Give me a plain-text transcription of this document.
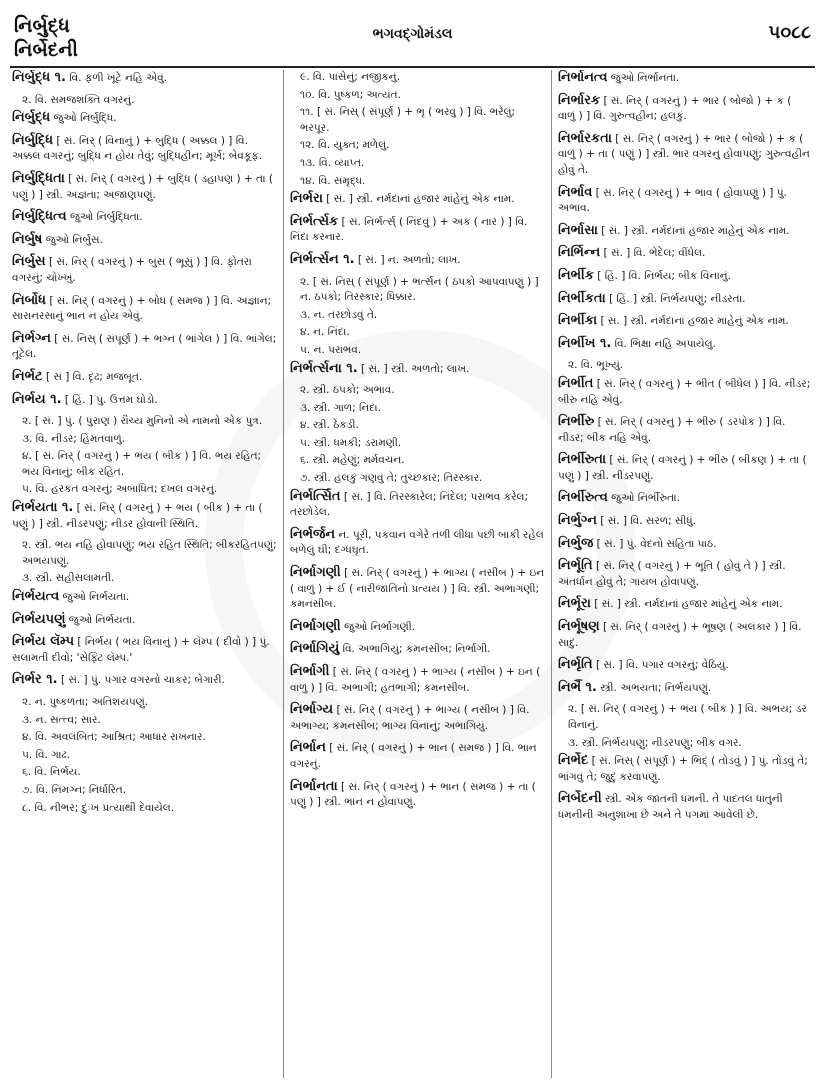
નિર્બુદ્ધ
નિર્બેદની
ભગવદ્ગોમંડલ	૫૦૮૮
નિર્બુદ્ધ ૧. વિ. ફળી ખૂટે નહિ એવું.
૨. વિ. સમજશક્તિ વગરનું.
નિર્બુદ્ધ જુઓ નિર્બુદ્ધિ.
નિર્બુદ્ધિ [ સં. નિર્ ( વિનાનું ) + બુદ્ધિ ( અક્કલ ) ] વિ. અક્કલ વગરનું; બુદ્ધિ ન હોય તેવું; બુદ્ધિહીન; મૂર્ખ; બેવકૂફ.
નિર્બુદ્ધિતા [ સં. નિર્ ( વગરનું ) + બુદ્ધિ ( ડહાપણ ) + તા ( પણું ) ] સ્ત્રી. અજ્ઞતા; અજાણપણું.
નિર્બુદ્ધિત્વ જુઓ નિર્બુદ્ધિતા.
નિર્બુષ જુઓ નિર્બુસ.
નિર્બુસ [ સં. નિર્ ( વગરનું ) + બુસ ( ભૂસું ) ] વિ. ફોતરા વગરનું; ચોખ્ખું.
નિર્બોધ [ સં. નિર્ ( વગરનું ) + બોધ ( સમજ ) ] વિ. અજ્ઞાન; સારાનરસાનું ભાન ન હોય એવું.
નિર્ભગ્ન [ સં. નિસ્ ( સંપૂર્ણ ) + ભગ્ન ( ભાંગેલ ) ] વિ. ભાંગેલ; તૂટેલ.
નિર્ભટ [ સં ] વિ. દૃઢ; મજબૂત.
નિર્ભય ૧. [ હિં. ] પું. ઉત્તમ ઘોડો.
૨. [ સં. ] પું. ( પુરાણ ) રૌચ્ય મુનિનો એ નામનો એક પુત્ર.
૩. વિ. નીડર; હિંમતવાળું.
૪. [ સં. નિર્ ( વગરનું ) + ભય ( બીક ) ] વિ. ભય રહિત; ભય વિનાનું; બીક રહિત.
૫. વિ. હરકત વગરનું; અબાધિત; દખલ વગરનું.
નિર્ભયતા ૧. [ સં. નિર્ ( વગરનું ) + ભય ( બીક ) + તા ( પણું ) ] સ્ત્રી. નીડરપણું; નીડર હોવાની સ્થિતિ.
૨. સ્ત્રી. ભય નહિ હોવાપણું; ભય રહિત સ્થિતિ; બીકરહિતપણું; અભયપણું.
૩. સ્ત્રી. સહીસલામતી.
નિર્ભયત્વ જુઓ નિર્ભયતા.
નિર્ભયપણું જુઓ નિર્ભયતા.
નિર્ભય લૅમ્પ [ નિર્ભય ( ભય વિનાનું ) + લૅમ્પ ( દીવો ) ] પું. સલામતી દીવો; 'સેફ્ટિ લૅમ્પ.'
નિર્ભર ૧. [ સં. ] પું. પગાર વગરનો ચાકર; બેગારી.
૨. ન. પુષ્કળતા; અતિશયપણું.
૩. ન. સત્ત્વ; સાર.
૪. વિ. અવલંબિત; આશ્રિત; આધાર રાખનાર.
૫. વિ. ગાઢ.
૬. વિ. નિર્ભય.
૭. વિ. નિમગ્ન; નિર્ધારિત.
૮. વિ. નીભર; દુઃખ પ્રત્યાથી દેવાયેલ.
૯. વિ. પાસેનું; નજીકનું.
૧૦. વિ. પુષ્કળ; અત્યંત.
૧૧. [ સં. નિસ્ ( સંપૂર્ણ ) + ભૃ ( ભરવું ) ] વિ. ભરેલું; ભરપૂર.
૧૨. વિ. યુક્ત; મળેલું.
૧૩. વિ. વ્યાપ્ત.
૧૪. વિ. સમૃદ્ધ.
નિર્ભરા [ સં. ] સ્ત્રી. નર્મદાનાં હજાર માંહેનું એક નામ.
નિર્ભર્ત્સક [ સં. નિર્ભર્ત્સ્ ( નિંદવું ) + અક ( નાર ) ] વિ. નિંદા કરનાર.
નિર્ભર્ત્સન ૧. [ સં. ] ન. અળતો; લાખ.
૨. [ સં. નિસ્ ( સંપૂર્ણ ) + ભર્ત્સન ( ઠપકો આપવાપણું ) ] ન. ઠપકો; તિરસ્કાર; ધિક્કાર.
૩. ન. તરછોડવું તે.
૪. ન. નિંદા.
૫. ન. પરાભવ.
નિર્ભર્ત્સના ૧. [ સં. ] સ્ત્રી. અળતો; લાખ.
૨. સ્ત્રી. ઠપકો; અભાવ.
૩. સ્ત્રી. ગાળ; નિંદા.
૪. સ્ત્રી. ઠેકડી.
૫. સ્ત્રી. ધમકી; ડરામણી.
૬. સ્ત્રી. મહેણું; મર્મવચન.
૭. સ્ત્રી. હલકું ગણવું તે; તુચ્છકાર; તિરસ્કાર.
નિર્ભર્ત્સિત [ સં. ] વિ. તિરસ્કારેલ; નિંદેલ; પરાભવ કરેલ; તરછોડેલ.
નિર્ભર્જન ન. પૂરી, પકવાન વગેરે તળી લીધા પછી બાકી રહેલ બળેલું ઘી; દગ્ધઘૃત.
નિર્ભાગણી [ સં. નિર્ ( વગરનું ) + ભાગ્ય ( નસીબ ) + ઇન ( વાળું ) + ઈ ( નારીજાતિનો પ્રત્યય ) ] વિ. સ્ત્રી. અભાગણી; કમનસીબ.
નિર્ભાગણી જુઓ નિર્ભાગણી.
નિર્ભાગિયું વિ. અભાગિયું; કમનસીબ; નિર્ભાગી.
નિર્ભાગી [ સં. નિર્ ( વગરનું ) + ભાગ્ય ( નસીબ ) + ઇન ( વાળું ) ] વિ. અભાગી; હતભાગી; કમનસીબ.
નિર્ભાગ્ય [ સં. નિર્ ( વગરનું ) + ભાગ્ય ( નસીબ ) ] વિ. અભાગ્ય; કમનસીબ; ભાગ્ય વિનાનું; અભાગિયું.
નિર્ભાન [ સં. નિર્ ( વગરનું ) + ભાન ( સમજ ) ] વિ. ભાન વગરનું.
નિર્ભાનતા [ સં. નિર્ ( વગરનું ) + ભાન ( સમજ ) + તા ( પણું ) ] સ્ત્રી. ભાન ન હોવાપણું.
નિર્ભાનત્વ જુઓ નિર્ભાનતા.
નિર્ભારક [ સં. નિર્ ( વગરનું ) + ભાર ( બોજો ) + ક ( વાળું ) ] વિ. ગુરુત્વહીન; હલકું.
નિર્ભારકતા [ સં. નિર્ ( વગરનું ) + ભાર ( બોજો ) + ક ( વાળું ) + તા ( પણું ) ] સ્ત્રી. ભાર વગરનું હોવાપણું; ગુરુત્વહીન હોવું તે.
નિર્ભાવ [ સં. નિર્ ( વગરનું ) + ભાવ ( હોવાપણું ) ] પું. અભાવ.
નિર્ભાસા [ સં. ] સ્ત્રી. નર્મદાનાં હજાર માંહેનું એક નામ.
નિર્ભિન્ન [ સં. ] વિ. ભેદેલ; વીંધેલ.
નિર્ભીક [ હિં. ] વિ. નિર્ભય; બીક વિનાનું.
નિર્ભીકતા [ હિં. ] સ્ત્રી. નિર્ભયપણું; નીડરતા.
નિર્ભીકા [ સં. ] સ્ત્રી. નર્મદાનાં હજાર માંહેનું એક નામ.
નિર્ભીખ ૧. વિ. ભિક્ષા નહિ અપાયેલું.
૨. વિ. ભૂખ્યું.
નિર્ભીત [ સં. નિર્ ( વગરનું ) + ભીત ( બીધેલ ) ] વિ. નીડર; બીરુ નહિ એવું.
નિર્ભીરુ [ સં. નિર્ ( વગરનું ) + ભીરુ ( ડરપોક ) ] વિ. નીડર; બીક નહિ એવું.
નિર્ભીરુતા [ સં. નિર્ ( વગરનું ) + ભીરુ ( બીકણ ) + તા ( પણું ) ] સ્ત્રી. નીડરપણું.
નિર્ભીરુત્વ જુઓ નિર્ભીરુતા.
નિર્ભુગ્ન [ સં. ] વિ. સરળ; સીધું.
નિર્ભુજ [ સં. ] પું. વેદનો સંહિતા પાઠ.
નિર્ભૂતિ [ સં. નિર્ ( વગરનું ) + ભૂતિ ( હોવું તે ) ] સ્ત્રી. અંતર્ધાન હોવું તે; ગાયબ હોવાપણું.
નિર્ભૂરા [ સં. ] સ્ત્રી. નર્મદાનાં હજાર માંહેનું એક નામ.
નિર્ભૂષણ [ સં. નિર્ ( વગરનું ) + ભૂષણ ( અલંકાર ) ] વિ. સાદું.
નિર્ભૃતિ [ સં. ] વિ. પગાર વગરનું; વેઠિયું.
નિર્ભૈ ૧. સ્ત્રી. અભયતા; નિર્ભયપણું.
૨. [ સં. નિર્ ( વગરનું ) + ભય ( બીક ) ] વિ. અભય; ડર વિનાનું.
૩. સ્ત્રી. નિર્ભયપણું; નીડરપણું; બીક વગર.
નિર્ભેદ [ સં. નિસ્ ( સંપૂર્ણ ) + ભિદ્ ( તોડવું ) ] પું. તોડવું તે; ભાંગવું તે; જુદું કરવાપણું.
નિર્બેદની સ્ત્રી. એક જાતની ધમની. તે પાદતલ ધાતુની ધમનીની અનુશાખા છે અને તે પગમાં આવેલી છે.
